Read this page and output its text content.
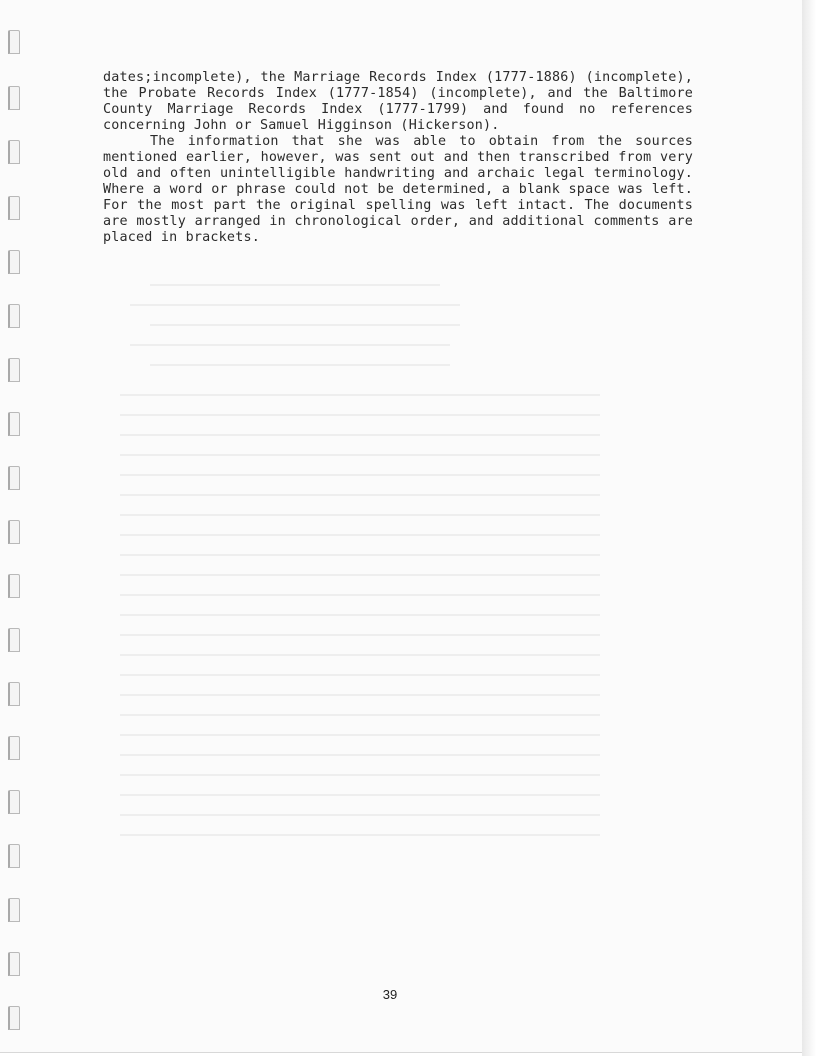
dates;incomplete), the Marriage Records Index (1777-1886) (incomplete), the Probate Records Index (1777-1854) (incomplete), and the Baltimore County Marriage Records Index (1777-1799) and found no references concerning John or Samuel Higginson (Hickerson).

The information that she was able to obtain from the sources mentioned earlier, however, was sent out and then transcribed from very old and often unintelligible handwriting and archaic legal terminology. Where a word or phrase could not be determined, a blank space was left. For the most part the original spelling was left intact. The documents are mostly arranged in chronological order, and additional comments are placed in brackets.

39
